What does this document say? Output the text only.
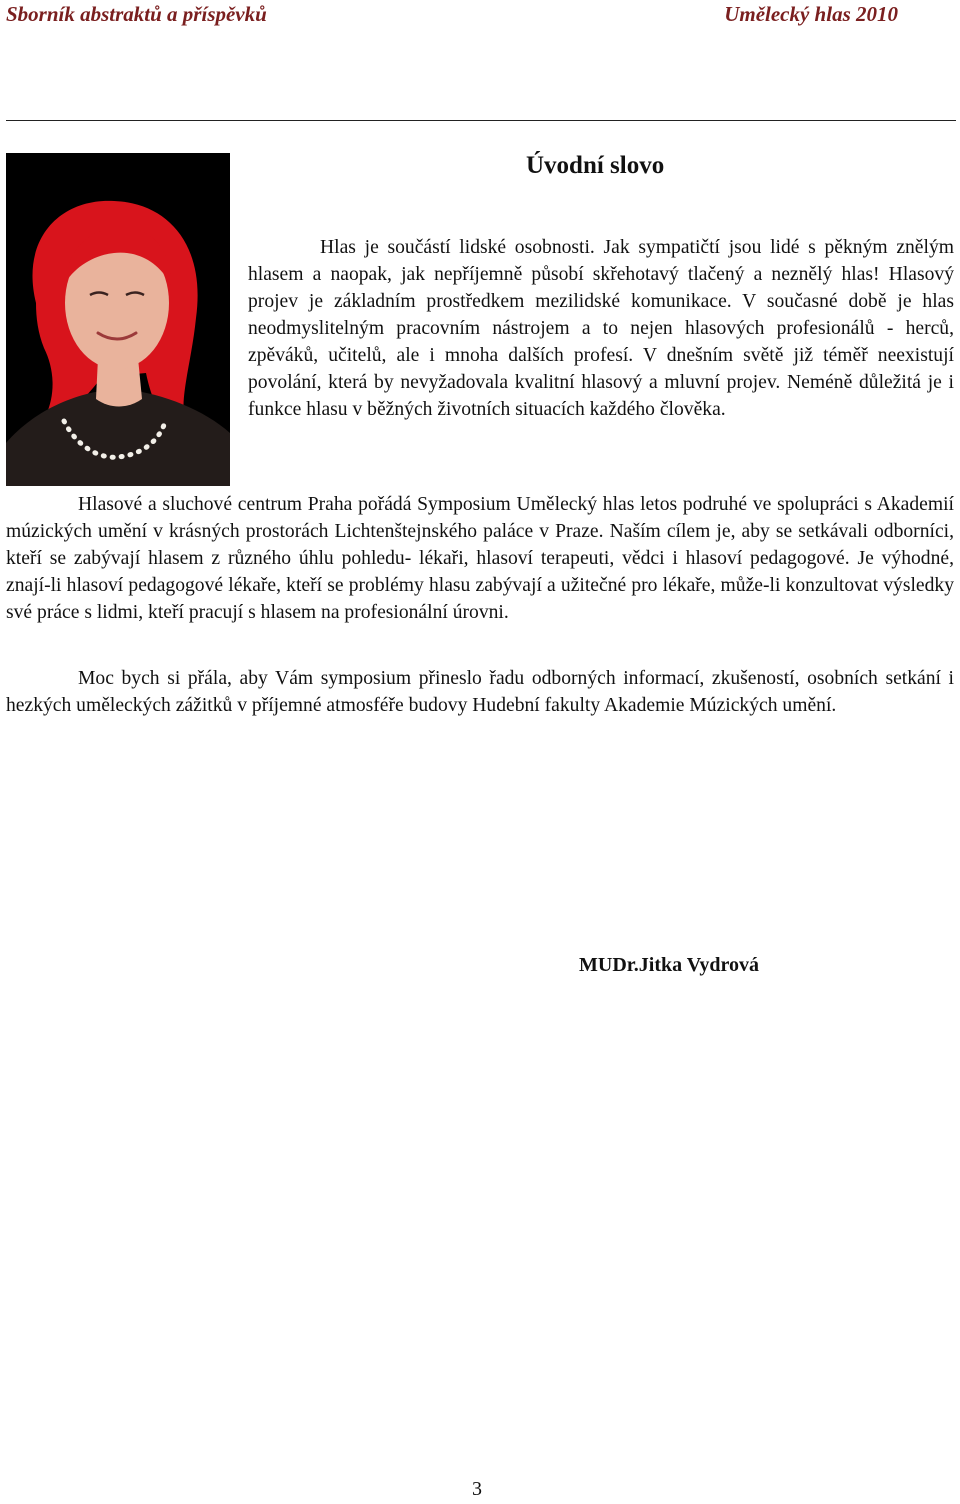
Sborník abstraktů a příspěvků	Umělecký hlas 2010
Úvodní slovo

Hlas je součástí lidské osobnosti. Jak sympatičtí jsou lidé s pěkným znělým hlasem a naopak, jak nepříjemně působí skřehotavý tlačený a neznělý hlas! Hlasový projev je základním prostředkem mezilidské komunikace. V současné době je hlas neodmyslitelným pracovním nástrojem a to nejen hlasových profesionálů - herců, zpěváků, učitelů, ale i mnoha dalších profesí. V dnešním světě již téměř neexistují povolání, která by nevyžadovala kvalitní hlasový a mluvní projev. Neméně důležitá je i funkce hlasu v běžných životních situacích každého člověka.

Hlasové a sluchové centrum Praha pořádá Symposium Umělecký hlas letos podruhé ve spolupráci s Akademií múzických umění v krásných prostorách Lichtenštejnského paláce v Praze. Naším cílem je, aby se setkávali odborníci, kteří se zabývají hlasem z různého úhlu pohledu- lékaři, hlasoví terapeuti, vědci i hlasoví pedagogové. Je výhodné, znají-li hlasoví pedagogové lékaře, kteří se problémy hlasu zabývají a užitečné pro lékaře, může-li konzultovat výsledky své práce s lidmi, kteří pracují s hlasem na profesionální úrovni.

Moc bych si přála, aby Vám symposium přineslo řadu odborných informací, zkušeností, osobních setkání i hezkých uměleckých zážitků v příjemné atmosféře budovy Hudební fakulty Akademie Múzických umění.

MUDr.Jitka Vydrová
3
